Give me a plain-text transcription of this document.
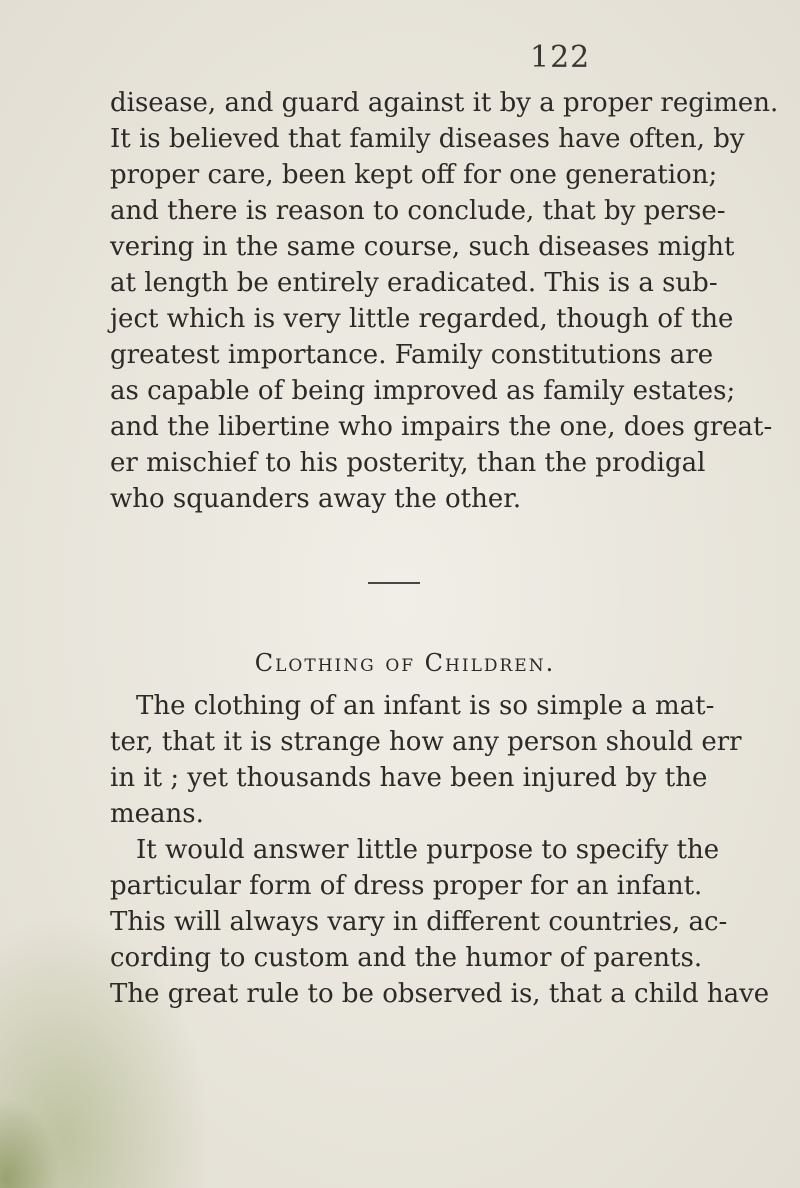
122
disease, and guard against it by a proper regimen.
It is believed that family diseases have often, by
proper care, been kept off for one generation;
and there is reason to conclude, that by perse-
vering in the same course, such diseases might
at length be entirely eradicated. This is a sub-
ject which is very little regarded, though of the
greatest importance. Family constitutions are
as capable of being improved as family estates;
and the libertine who impairs the one, does great-
er mischief to his posterity, than the prodigal
who squanders away the other.
Clothing of Children.
The clothing of an infant is so simple a mat-
ter, that it is strange how any person should err
in it ; yet thousands have been injured by the
means.
It would answer little purpose to specify the
particular form of dress proper for an infant.
This will always vary in different countries, ac-
cording to custom and the humor of parents.
The great rule to be observed is, that a child have
